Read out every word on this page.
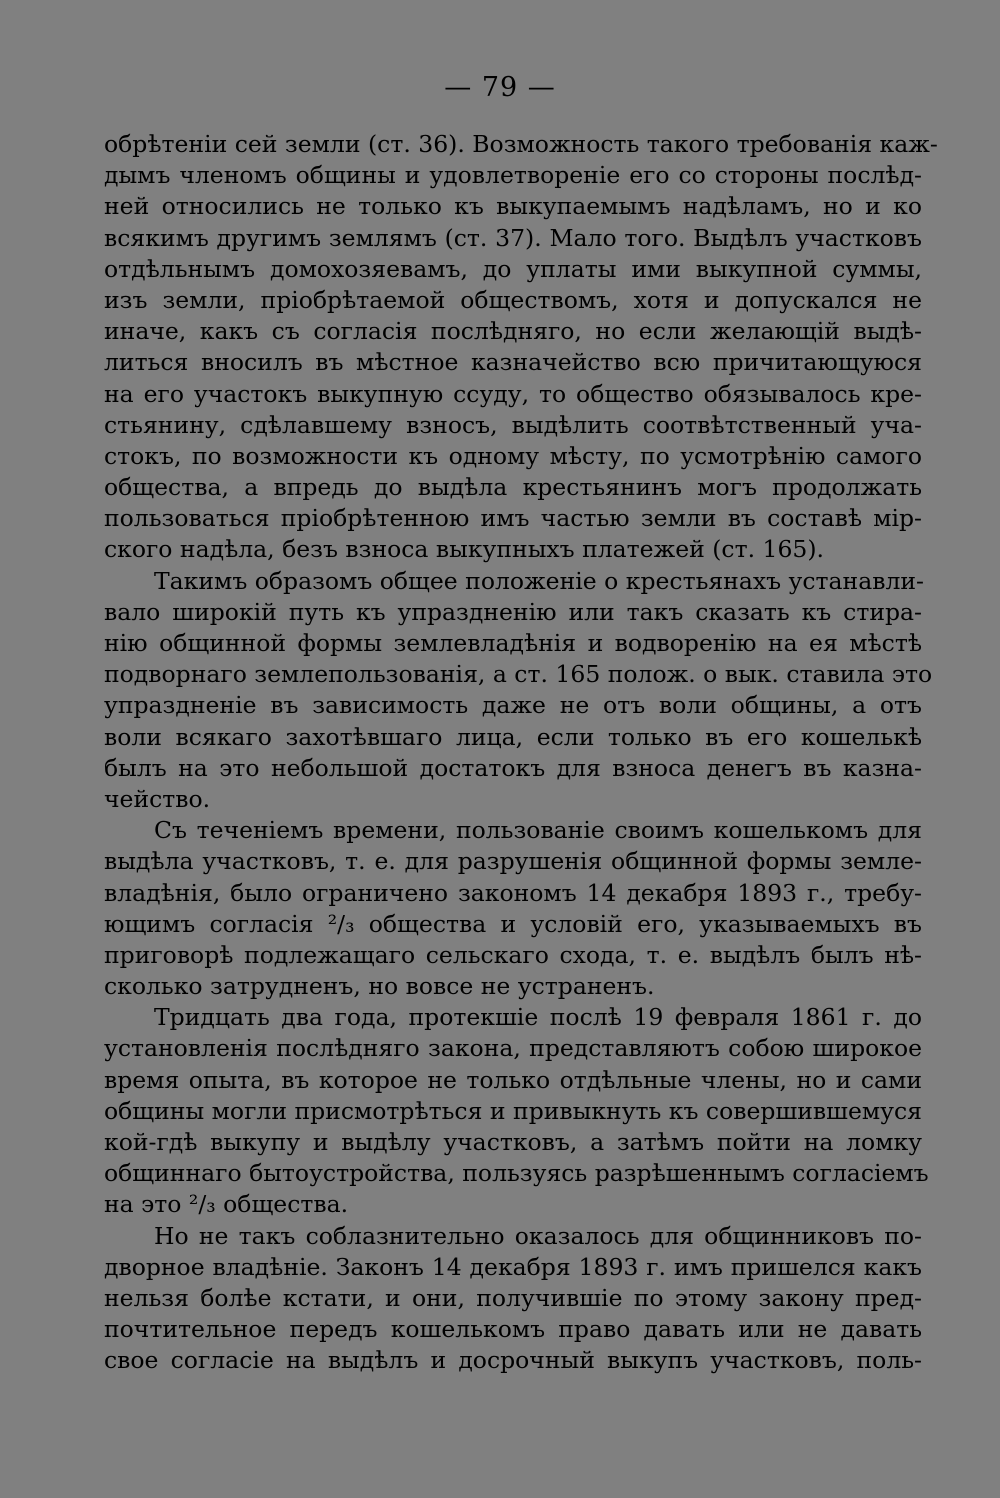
— 79 —
обрѣтеніи сей земли (ст. 36). Возможность такого требованія каж-
дымъ членомъ общины и удовлетвореніе его со стороны послѣд-
ней относились не только къ выкупаемымъ надѣламъ, но и ко
всякимъ другимъ землямъ (ст. 37). Мало того. Выдѣлъ участковъ
отдѣльнымъ домохозяевамъ, до уплаты ими выкупной суммы,
изъ земли, пріобрѣтаемой обществомъ, хотя и допускался не
иначе, какъ съ согласія послѣдняго, но если желающій выдѣ-
литься вносилъ въ мѣстное казначейство всю причитающуюся
на его участокъ выкупную ссуду, то общество обязывалось кре-
стьянину, сдѣлавшему взносъ, выдѣлить соотвѣтственный уча-
стокъ, по возможности къ одному мѣсту, по усмотрѣнію самого
общества, а впредь до выдѣла крестьянинъ могъ продолжать
пользоваться пріобрѣтенною имъ частью земли въ составѣ мір-
ского надѣла, безъ взноса выкупныхъ платежей (ст. 165).
Такимъ образомъ общее положеніе о крестьянахъ устанавли-
вало широкій путь къ упраздненію или такъ сказать къ стира-
нію общинной формы землевладѣнія и водворенію на ея мѣстѣ
подворнаго землепользованія, а ст. 165 полож. о вык. ставила это
упраздненіе въ зависимость даже не отъ воли общины, а отъ
воли всякаго захотѣвшаго лица, если только въ его кошелькѣ
былъ на это небольшой достатокъ для взноса денегъ въ казна-
чейство.
Съ теченіемъ времени, пользованіе своимъ кошелькомъ для
выдѣла участковъ, т. е. для разрушенія общинной формы земле-
владѣнія, было ограничено закономъ 14 декабря 1893 г., требу-
ющимъ согласія ²/₃ общества и условій его, указываемыхъ въ
приговорѣ подлежащаго сельскаго схода, т. е. выдѣлъ былъ нѣ-
сколько затрудненъ, но вовсе не устраненъ.
Тридцать два года, протекшіе послѣ 19 февраля 1861 г. до
установленія послѣдняго закона, представляютъ собою широкое
время опыта, въ которое не только отдѣльные члены, но и сами
общины могли присмотрѣться и привыкнуть къ совершившемуся
кой-гдѣ выкупу и выдѣлу участковъ, а затѣмъ пойти на ломку
общиннаго бытоустройства, пользуясь разрѣшеннымъ согласіемъ
на это ²/₃ общества.
Но не такъ соблазнительно оказалось для общинниковъ по-
дворное владѣніе. Законъ 14 декабря 1893 г. имъ пришелся какъ
нельзя болѣе кстати, и они, получившіе по этому закону пред-
почтительное передъ кошелькомъ право давать или не давать
свое согласіе на выдѣлъ и досрочный выкупъ участковъ, поль-
